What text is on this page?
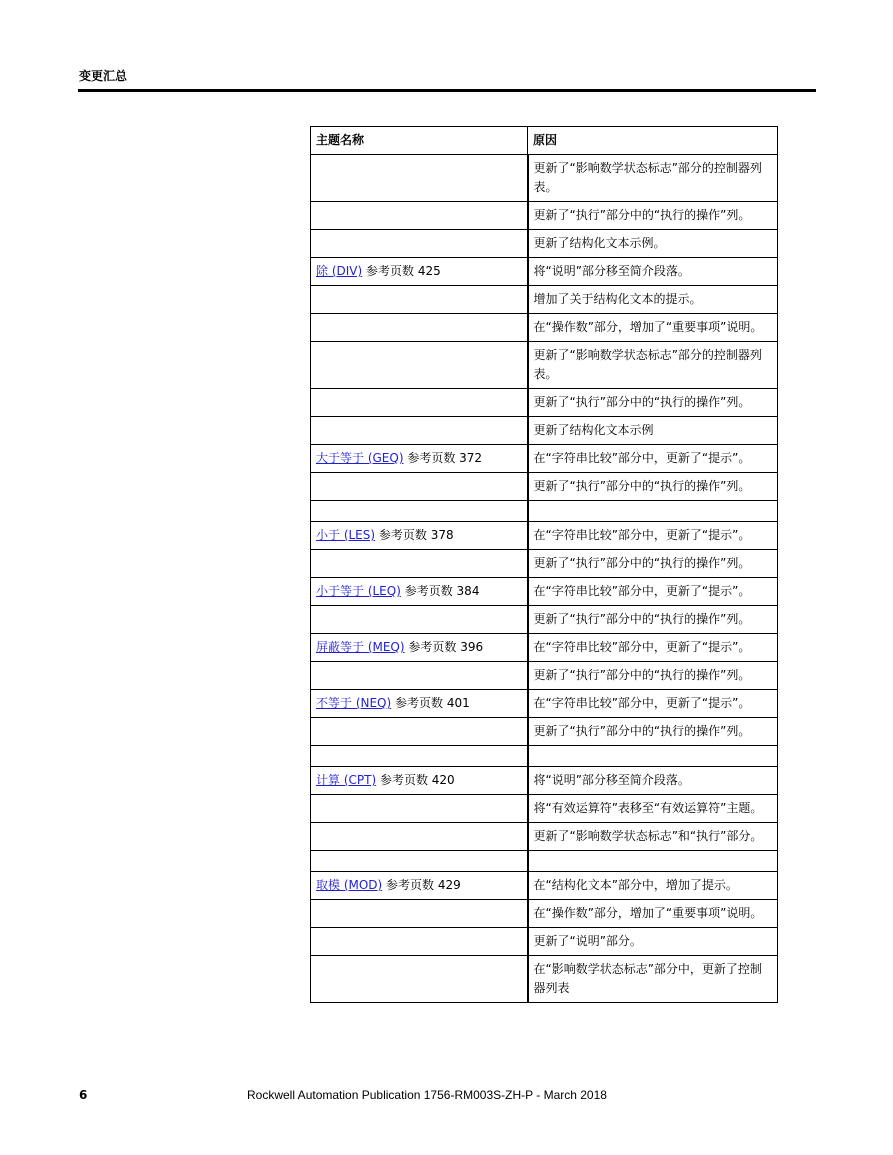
变更汇总
主题名称	原因
	更新了“影响数学状态标志”部分的控制器列表。
	更新了“执行”部分中的“执行的操作”列。
	更新了结构化文本示例。
除 (DIV) 参考页数 425	将“说明”部分移至简介段落。
	增加了关于结构化文本的提示。
	在“操作数”部分，增加了“重要事项”说明。
	更新了“影响数学状态标志”部分的控制器列表。
	更新了“执行”部分中的“执行的操作”列。
	更新了结构化文本示例
大于等于 (GEQ) 参考页数 372	在“字符串比较”部分中，更新了“提示”。
	更新了“执行”部分中的“执行的操作”列。

小于 (LES) 参考页数 378	在“字符串比较”部分中，更新了“提示”。
	更新了“执行”部分中的“执行的操作”列。
小于等于 (LEQ) 参考页数 384	在“字符串比较”部分中，更新了“提示”。
	更新了“执行”部分中的“执行的操作”列。
屏蔽等于 (MEQ) 参考页数 396	在“字符串比较”部分中，更新了“提示”。
	更新了“执行”部分中的“执行的操作”列。
不等于 (NEQ) 参考页数 401	在“字符串比较”部分中，更新了“提示”。
	更新了“执行”部分中的“执行的操作”列。

计算 (CPT) 参考页数 420	将“说明”部分移至简介段落。
	将“有效运算符”表移至“有效运算符”主题。
	更新了“影响数学状态标志”和“执行”部分。

取模 (MOD) 参考页数 429	在“结构化文本”部分中，增加了提示。
	在“操作数”部分，增加了“重要事项”说明。
	更新了“说明”部分。
	在“影响数学状态标志”部分中，更新了控制器列表
6	Rockwell Automation Publication 1756-RM003S-ZH-P - March 2018
